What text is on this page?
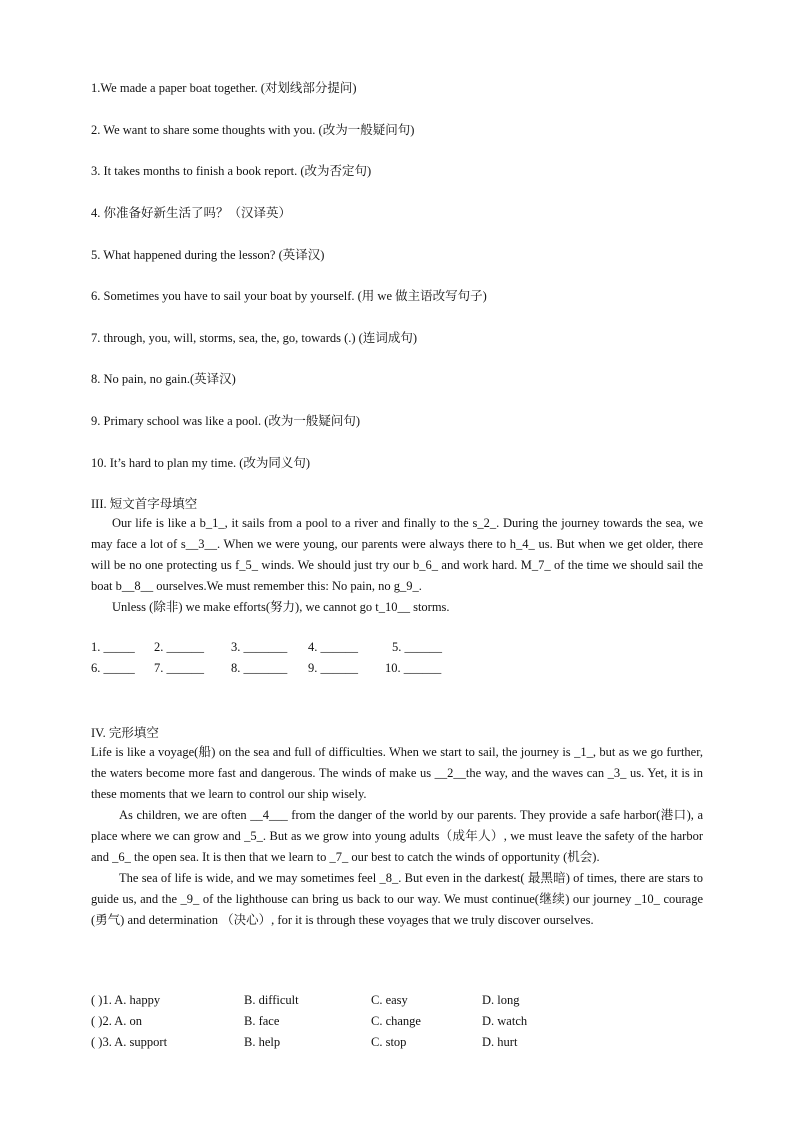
1.We made a paper boat together. (对划线部分提问)
2. We want to share some thoughts with you. (改为一般疑问句)
3. It takes months to finish a book report. (改为否定句)
4. 你准备好新生活了吗？（汉译英）
5. What happened during the lesson? (英译汉)
6. Sometimes you have to sail your boat by yourself. (用 we 做主语改写句子)
7. through, you, will, storms, sea, the, go, towards (.) (连词成句)
8. No pain, no gain.(英译汉)
9. Primary school was like a pool. (改为一般疑问句)
10. It’s hard to plan my time. (改为同义句)
III. 短文首字母填空

Our life is like a b_1_, it sails from a pool to a river and finally to the s_2_. During the journey towards the sea, we may face a lot of s__3__. When we were young, our parents were always there to h_4_ us. But when we get older, there will be no one protecting us f_5_ winds. We should just try our b_6_ and work hard. M_7_ of the time we should sail the boat b__8__ ourselves.We must remember this: No pain, no g_9_.

Unless (除非) we make efforts(努力), we cannot go t_10__ storms.

1. _____ 2. ______ 3. _______ 4. ______	5. ______
6. _____ 7. ______ 8. _______ 9. ______ 10. ______
IV. 完形填空

Life is like a voyage(船) on the sea and full of difficulties. When we start to sail, the journey is _1_, but as we go further, the waters become more fast and dangerous. The winds of make us __2__the way, and the waves can _3_ us. Yet, it is in these moments that we learn to control our ship wisely.

As children, we are often __4___ from the danger of the world by our parents. They provide a safe harbor(港口), a place where we can grow and _5_. But as we grow into young adults（成年人）, we must leave the safety of the harbor and _6_ the open sea. It is then that we learn to _7_ our best to catch the winds of opportunity (机会).

The sea of life is wide, and we may sometimes feel _8_. But even in the darkest( 最黑暗) of times, there are stars to guide us, and the _9_ of the lighthouse can bring us back to our way. We must continue(继续) our journey _10_ courage (勇气) and determination （决心）, for it is through these voyages that we truly discover ourselves.

( )1. A. happy	B. difficult	C. easy	D. long
( )2. A. on	B. face	C. change	D. watch
( )3. A. support	B. help	C. stop	D. hurt
